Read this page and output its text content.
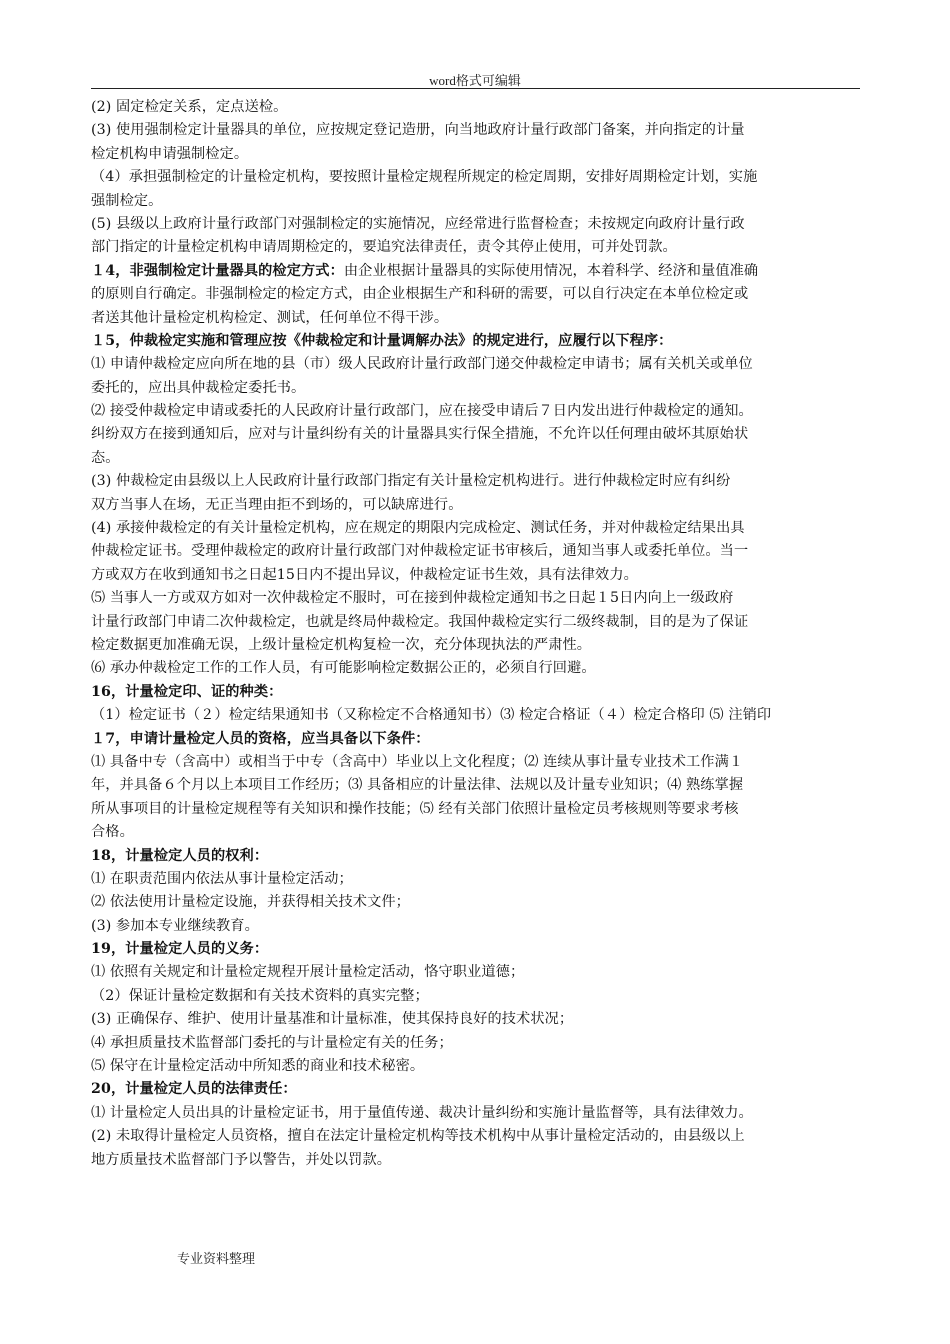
word格式可编辑
(2) 固定检定关系，定点送检。
(3) 使用强制检定计量器具的单位，应按规定登记造册，向当地政府计量行政部门备案，并向指定的计量
检定机构申请强制检定。
（4）承担强制检定的计量检定机构，要按照计量检定规程所规定的检定周期，安排好周期检定计划，实施
强制检定。
(5) 县级以上政府计量行政部门对强制检定的实施情况，应经常进行监督检查；未按规定向政府计量行政
部门指定的计量检定机构申请周期检定的，要追究法律责任，责令其停止使用，可并处罚款。
１4，非强制检定计量器具的检定方式：由企业根据计量器具的实际使用情况，本着科学、经济和量值准确
的原则自行确定。非强制检定的检定方式，由企业根据生产和科研的需要，可以自行决定在本单位检定或
者送其他计量检定机构检定、测试，任何单位不得干涉。
１5，仲裁检定实施和管理应按《仲裁检定和计量调解办法》的规定进行，应履行以下程序：
⑴ 申请仲裁检定应向所在地的县（市）级人民政府计量行政部门递交仲裁检定申请书；属有关机关或单位
委托的，应出具仲裁检定委托书。
⑵ 接受仲裁检定申请或委托的人民政府计量行政部门，应在接受申请后７日内发出进行仲裁检定的通知。
纠纷双方在接到通知后，应对与计量纠纷有关的计量器具实行保全措施，不允许以任何理由破坏其原始状
态。
(3) 仲裁检定由县级以上人民政府计量行政部门指定有关计量检定机构进行。进行仲裁检定时应有纠纷
双方当事人在场，无正当理由拒不到场的，可以缺席进行。
(4) 承接仲裁检定的有关计量检定机构，应在规定的期限内完成检定、测试任务，并对仲裁检定结果出具
仲裁检定证书。受理仲裁检定的政府计量行政部门对仲裁检定证书审核后，通知当事人或委托单位。当一
方或双方在收到通知书之日起15日内不提出异议，仲裁检定证书生效，具有法律效力。
⑸ 当事人一方或双方如对一次仲裁检定不服时，可在接到仲裁检定通知书之日起１5日内向上一级政府
计量行政部门申请二次仲裁检定，也就是终局仲裁检定。我国仲裁检定实行二级终裁制，目的是为了保证
检定数据更加准确无误，上级计量检定机构复检一次，充分体现执法的严肃性。
⑹ 承办仲裁检定工作的工作人员，有可能影响检定数据公正的，必须自行回避。
16，计量检定印、证的种类：
（1）检定证书（２）检定结果通知书（又称检定不合格通知书）⑶ 检定合格证（４）检定合格印 ⑸ 注销印
１7，申请计量检定人员的资格，应当具备以下条件：
⑴ 具备中专（含高中）或相当于中专（含高中）毕业以上文化程度；⑵ 连续从事计量专业技术工作满１
年，并具备６个月以上本项目工作经历；⑶ 具备相应的计量法律、法规以及计量专业知识；⑷ 熟练掌握
所从事项目的计量检定规程等有关知识和操作技能；⑸ 经有关部门依照计量检定员考核规则等要求考核
合格。
18，计量检定人员的权利：
⑴ 在职责范围内依法从事计量检定活动；
⑵ 依法使用计量检定设施，并获得相关技术文件；
(3) 参加本专业继续教育。
19，计量检定人员的义务：
⑴ 依照有关规定和计量检定规程开展计量检定活动，恪守职业道德；
（2）保证计量检定数据和有关技术资料的真实完整；
(3) 正确保存、维护、使用计量基准和计量标准，使其保持良好的技术状况；
⑷ 承担质量技术监督部门委托的与计量检定有关的任务；
⑸ 保守在计量检定活动中所知悉的商业和技术秘密。
20，计量检定人员的法律责任：
⑴ 计量检定人员出具的计量检定证书，用于量值传递、裁决计量纠纷和实施计量监督等，具有法律效力。
(2) 未取得计量检定人员资格，擅自在法定计量检定机构等技术机构中从事计量检定活动的，由县级以上
地方质量技术监督部门予以警告，并处以罚款。
专业资料整理
